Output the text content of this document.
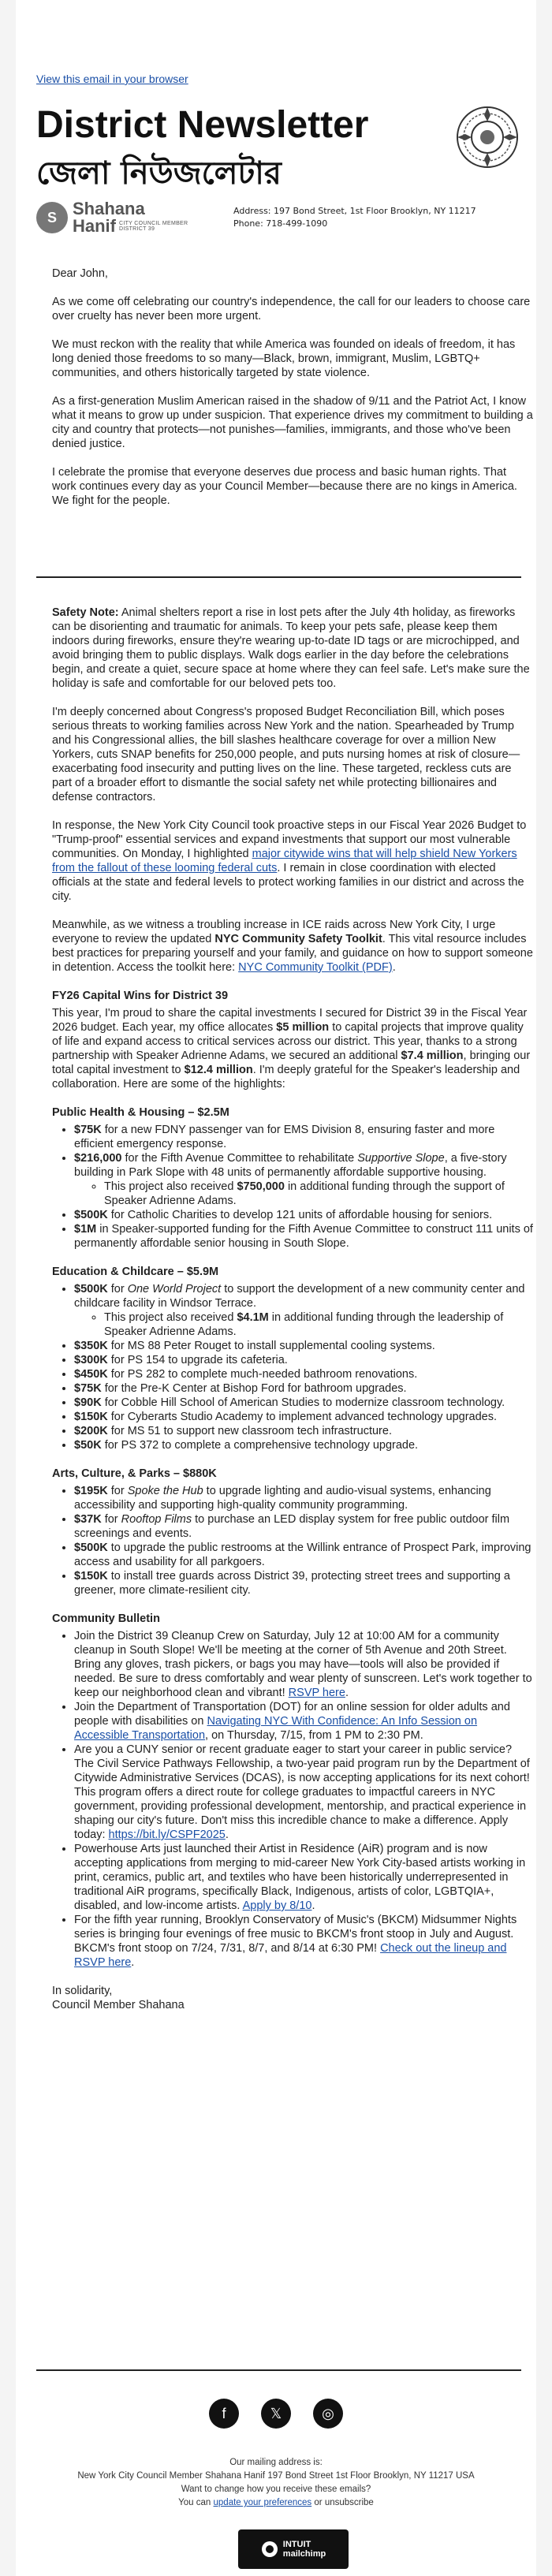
View this email in your browser
District Newsletter
জেলা নিউজলেটার
S Shahana
Hanif CITY COUNCIL MEMBER DISTRICT 39
Address: 197 Bond Street, 1st Floor Brooklyn, NY 11217
Phone: 718-499-1090

Dear John,

As we come off celebrating our country's independence, the call for our leaders to choose care over cruelty has never been more urgent.

We must reckon with the reality that while America was founded on ideals of freedom, it has long denied those freedoms to so many—Black, brown, immigrant, Muslim, LGBTQ+ communities, and others historically targeted by state violence.

As a first-generation Muslim American raised in the shadow of 9/11 and the Patriot Act, I know what it means to grow up under suspicion. That experience drives my commitment to building a city and country that protects—not punishes—families, immigrants, and those who've been denied justice.

I celebrate the promise that everyone deserves due process and basic human rights. That work continues every day as your Council Member—because there are no kings in America. We fight for the people.

Safety Note: Animal shelters report a rise in lost pets after the July 4th holiday, as fireworks can be disorienting and traumatic for animals. To keep your pets safe, please keep them indoors during fireworks, ensure they're wearing up-to-date ID tags or are microchipped, and avoid bringing them to public displays. Walk dogs earlier in the day before the celebrations begin, and create a quiet, secure space at home where they can feel safe. Let's make sure the holiday is safe and comfortable for our beloved pets too.

I'm deeply concerned about Congress's proposed Budget Reconciliation Bill, which poses serious threats to working families across New York and the nation. Spearheaded by Trump and his Congressional allies, the bill slashes healthcare coverage for over a million New Yorkers, cuts SNAP benefits for 250,000 people, and puts nursing homes at risk of closure—exacerbating food insecurity and putting lives on the line. These targeted, reckless cuts are part of a broader effort to dismantle the social safety net while protecting billionaires and defense contractors.

In response, the New York City Council took proactive steps in our Fiscal Year 2026 Budget to "Trump-proof" essential services and expand investments that support our most vulnerable communities. On Monday, I highlighted major citywide wins that will help shield New Yorkers from the fallout of these looming federal cuts. I remain in close coordination with elected officials at the state and federal levels to protect working families in our district and across the city.

Meanwhile, as we witness a troubling increase in ICE raids across New York City, I urge everyone to review the updated NYC Community Safety Toolkit. This vital resource includes best practices for preparing yourself and your family, and guidance on how to support someone in detention. Access the toolkit here: NYC Community Toolkit (PDF).

FY26 Capital Wins for District 39

This year, I'm proud to share the capital investments I secured for District 39 in the Fiscal Year 2026 budget. Each year, my office allocates $5 million to capital projects that improve quality of life and expand access to critical services across our district. This year, thanks to a strong partnership with Speaker Adrienne Adams, we secured an additional $7.4 million, bringing our total capital investment to $12.4 million. I'm deeply grateful for the Speaker's leadership and collaboration. Here are some of the highlights:

Public Health & Housing – $2.5M
• $75K for a new FDNY passenger van for EMS Division 8, ensuring faster and more efficient emergency response.
• $216,000 for the Fifth Avenue Committee to rehabilitate Supportive Slope, a five-story building in Park Slope with 48 units of permanently affordable supportive housing.
◦ This project also received $750,000 in additional funding through the support of Speaker Adrienne Adams.
• $500K for Catholic Charities to develop 121 units of affordable housing for seniors.
• $1M in Speaker-supported funding for the Fifth Avenue Committee to construct 111 units of permanently affordable senior housing in South Slope.
Education & Childcare – $5.9M
• $500K for One World Project to support the development of a new community center and childcare facility in Windsor Terrace.
◦ This project also received $4.1M in additional funding through the leadership of Speaker Adrienne Adams.
• $350K for MS 88 Peter Rouget to install supplemental cooling systems.
• $300K for PS 154 to upgrade its cafeteria.
• $450K for PS 282 to complete much-needed bathroom renovations.
• $75K for the Pre-K Center at Bishop Ford for bathroom upgrades.
• $90K for Cobble Hill School of American Studies to modernize classroom technology.
• $150K for Cyberarts Studio Academy to implement advanced technology upgrades.
• $200K for MS 51 to support new classroom tech infrastructure.
• $50K for PS 372 to complete a comprehensive technology upgrade.
Arts, Culture, & Parks – $880K
• $195K for Spoke the Hub to upgrade lighting and audio-visual systems, enhancing accessibility and supporting high-quality community programming.
• $37K for Rooftop Films to purchase an LED display system for free public outdoor film screenings and events.
• $500K to upgrade the public restrooms at the Willink entrance of Prospect Park, improving access and usability for all parkgoers.
• $150K to install tree guards across District 39, protecting street trees and supporting a greener, more climate-resilient city.
Community Bulletin
• Join the District 39 Cleanup Crew on Saturday, July 12 at 10:00 AM for a community cleanup in South Slope! We'll be meeting at the corner of 5th Avenue and 20th Street. Bring any gloves, trash pickers, or bags you may have—tools will also be provided if needed. Be sure to dress comfortably and wear plenty of sunscreen. Let's work together to keep our neighborhood clean and vibrant! RSVP here.
• Join the Department of Transportation (DOT) for an online session for older adults and people with disabilities on Navigating NYC With Confidence: An Info Session on Accessible Transportation, on Thursday, 7/15, from 1 PM to 2:30 PM.
• Are you a CUNY senior or recent graduate eager to start your career in public service? The Civil Service Pathways Fellowship, a two-year paid program run by the Department of Citywide Administrative Services (DCAS), is now accepting applications for its next cohort! This program offers a direct route for college graduates to impactful careers in NYC government, providing professional development, mentorship, and practical experience in shaping our city's future. Don't miss this incredible chance to make a difference. Apply today: https://bit.ly/CSPF2025.
• Powerhouse Arts just launched their Artist in Residence (AiR) program and is now accepting applications from merging to mid-career New York City-based artists working in print, ceramics, public art, and textiles who have been historically underrepresented in traditional AiR programs, specifically Black, Indigenous, artists of color, LGBTQIA+, disabled, and low-income artists. Apply by 8/10.
• For the fifth year running, Brooklyn Conservatory of Music's (BKCM) Midsummer Nights series is bringing four evenings of free music to BKCM's front stoop in July and August. BKCM's front stoop on 7/24, 7/31, 8/7, and 8/14 at 6:30 PM! Check out the lineup and RSVP here.
In solidarity,
Council Member Shahana
f	𝕏	◎
Our mailing address is:
New York City Council Member Shahana Hanif 197 Bond Street 1st Floor Brooklyn, NY 11217 USA
Want to change how you receive these emails?
You can update your preferences or unsubscribe
INTUIT
mailchimp
